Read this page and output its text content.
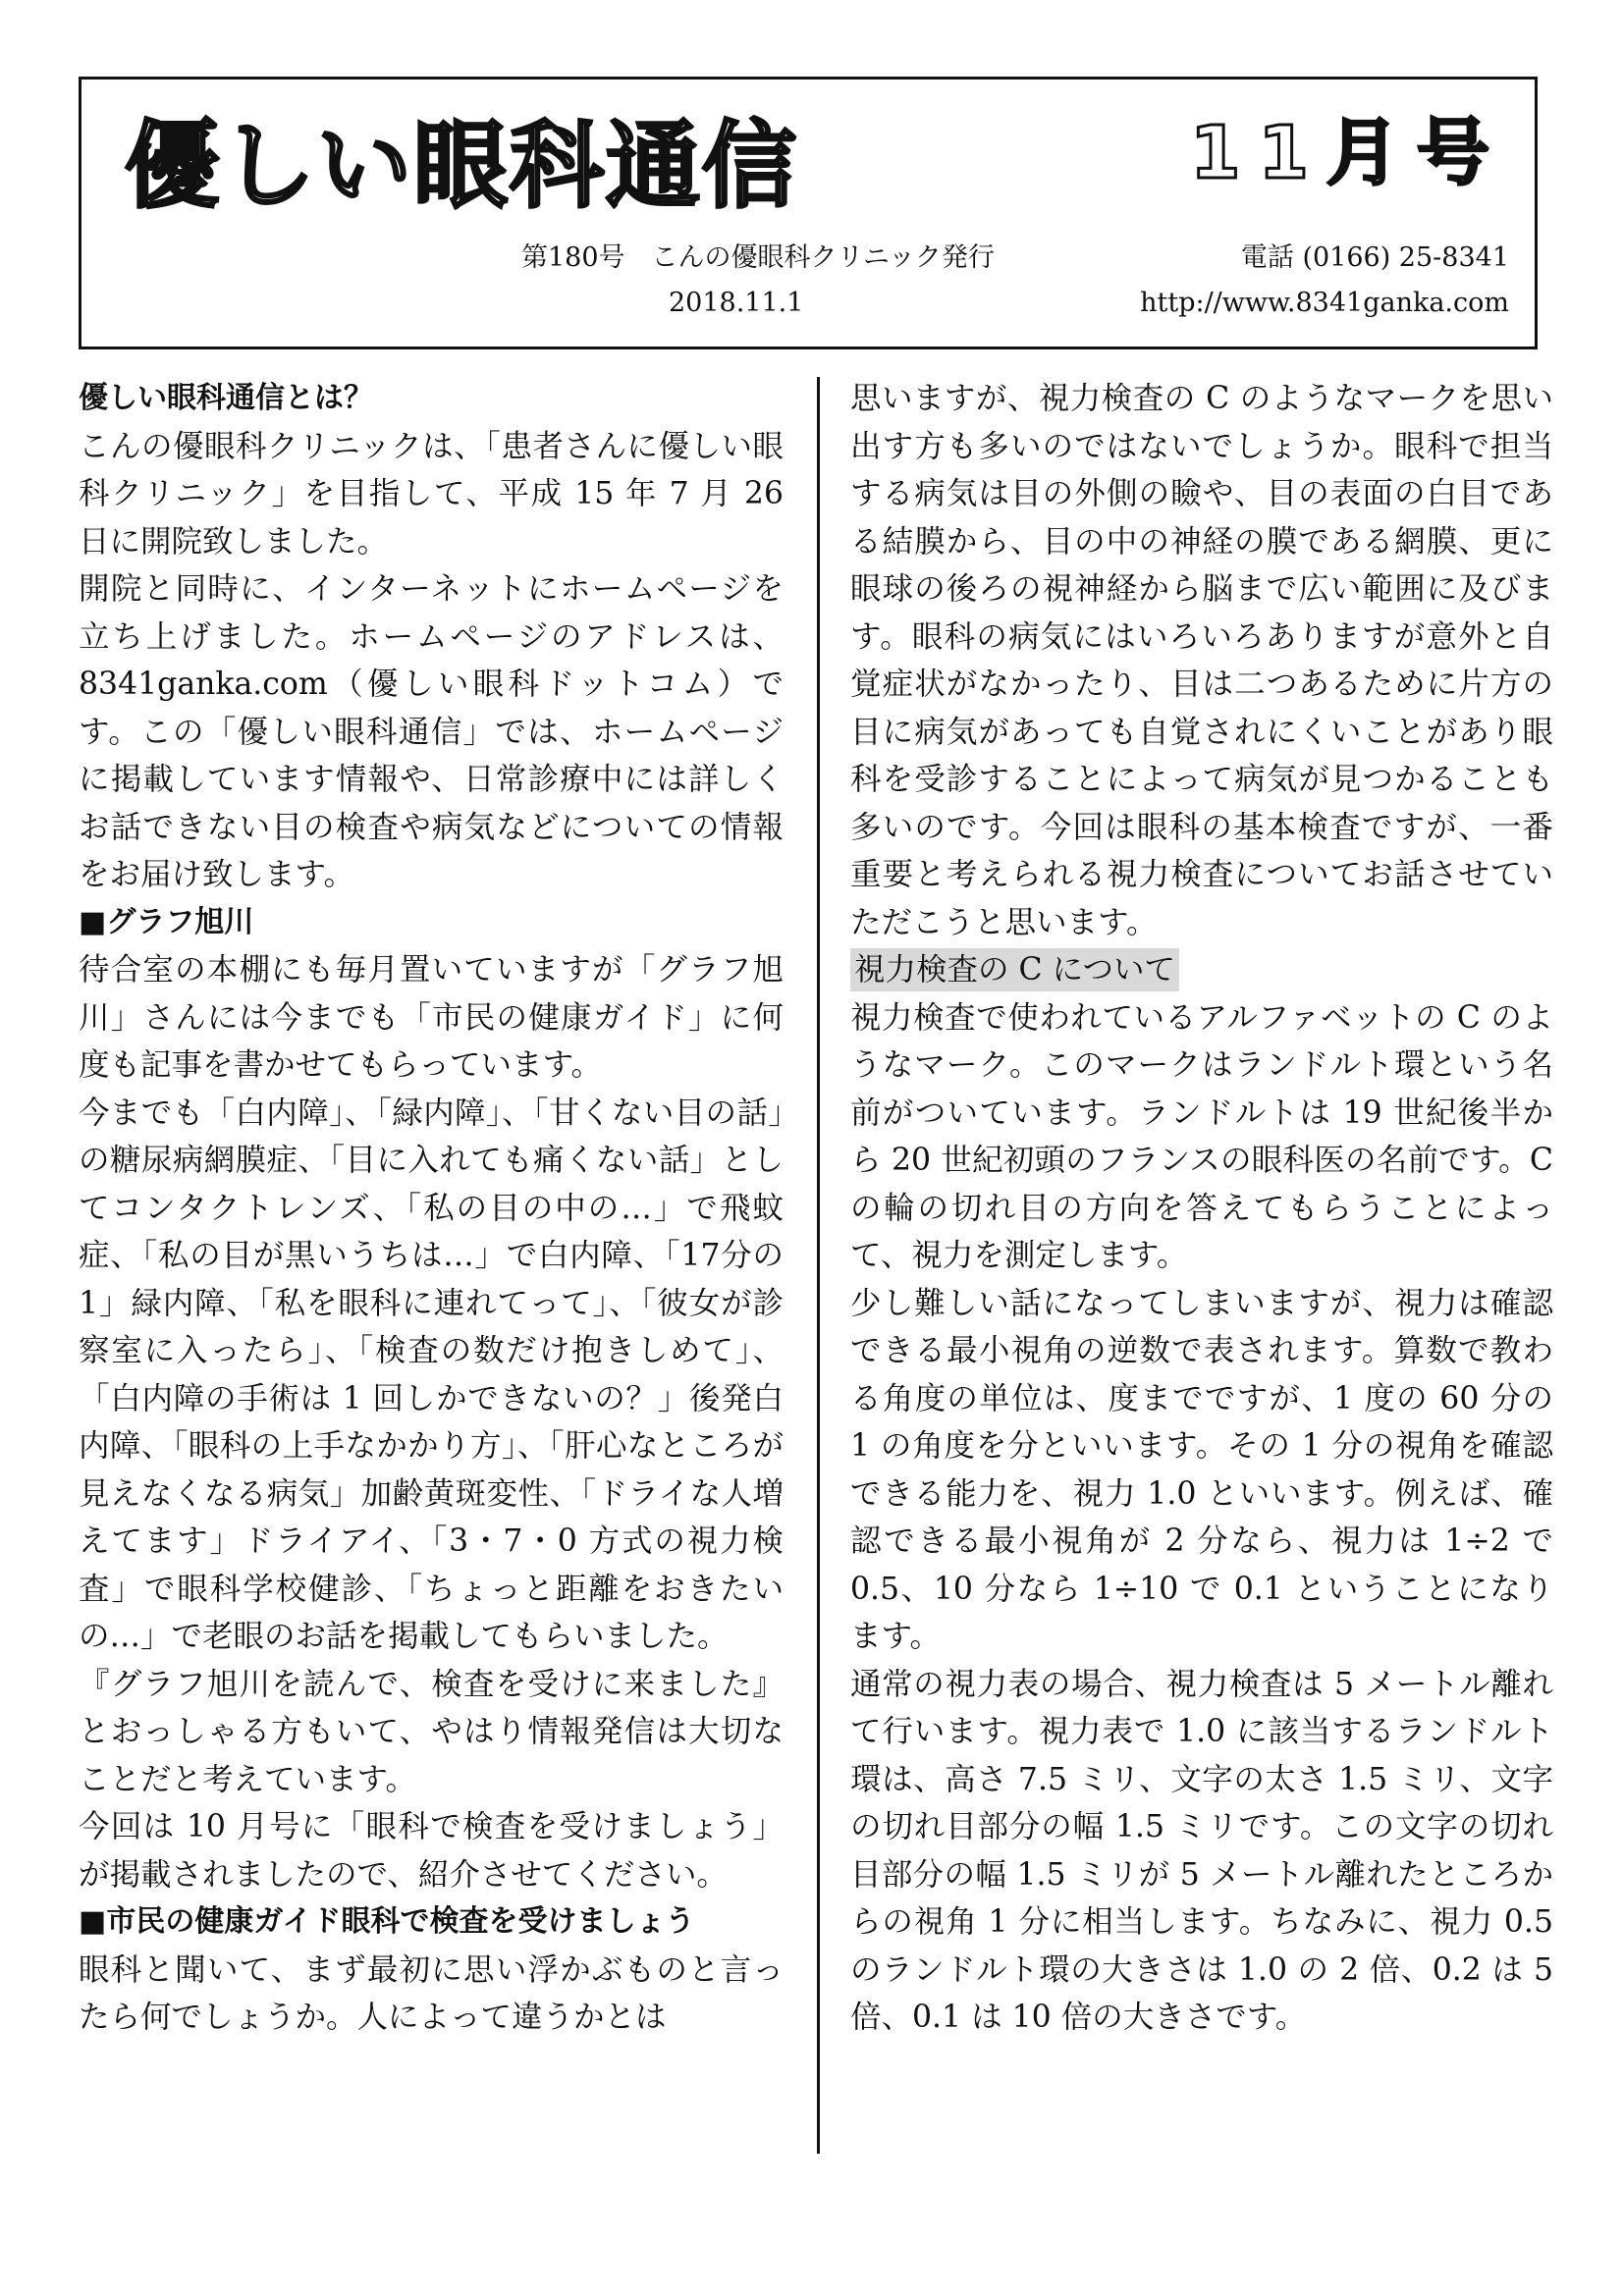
優しい眼科通信	11月号
第180号　こんの優眼科クリニック発行	電話 (0166) 25-8341
2018.11.1	http://www.8341ganka.com

優しい眼科通信とは？

こんの優眼科クリニックは、「患者さんに優しい眼科クリニック」を目指して、平成 15 年 7 月 26 日に開院致しました。

開院と同時に、インターネットにホームページを立ち上げました。ホームページのアドレスは、8341ganka.com（優しい眼科ドットコム）です。この「優しい眼科通信」では、ホームページに掲載しています情報や、日常診療中には詳しくお話できない目の検査や病気などについての情報をお届け致します。

■グラフ旭川

待合室の本棚にも毎月置いていますが「グラフ旭川」さんには今までも「市民の健康ガイド」に何度も記事を書かせてもらっています。

今までも「白内障」、「緑内障」、「甘くない目の話」の糖尿病網膜症、「目に入れても痛くない話」としてコンタクトレンズ、「私の目の中の…」で飛蚊症、「私の目が黒いうちは…」で白内障、「17分の 1」緑内障、「私を眼科に連れてって」、「彼女が診察室に入ったら」、「検査の数だけ抱きしめて」、「白内障の手術は 1 回しかできないの？」後発白内障、「眼科の上手なかかり方」、「肝心なところが見えなくなる病気」加齢黄斑変性、「ドライな人増えてます」ドライアイ、「3・7・0 方式の視力検査」で眼科学校健診、「ちょっと距離をおきたいの…」で老眼のお話を掲載してもらいました。

『グラフ旭川を読んで、検査を受けに来ました』とおっしゃる方もいて、やはり情報発信は大切なことだと考えています。

今回は 10 月号に「眼科で検査を受けましょう」が掲載されましたので、紹介させてください。

■市民の健康ガイド眼科で検査を受けましょう

眼科と聞いて、まず最初に思い浮かぶものと言ったら何でしょうか。人によって違うかとは

思いますが、視力検査の C のようなマークを思い出す方も多いのではないでしょうか。眼科で担当する病気は目の外側の瞼や、目の表面の白目である結膜から、目の中の神経の膜である網膜、更に眼球の後ろの視神経から脳まで広い範囲に及びます。眼科の病気にはいろいろありますが意外と自覚症状がなかったり、目は二つあるために片方の目に病気があっても自覚されにくいことがあり眼科を受診することによって病気が見つかることも多いのです。今回は眼科の基本検査ですが、一番重要と考えられる視力検査についてお話させていただこうと思います。

視力検査の C について

視力検査で使われているアルファベットの C のようなマーク。このマークはランドルト環という名前がついています。ランドルトは 19 世紀後半から 20 世紀初頭のフランスの眼科医の名前です。C の輪の切れ目の方向を答えてもらうことによって、視力を測定します。

少し難しい話になってしまいますが、視力は確認できる最小視角の逆数で表されます。算数で教わる角度の単位は、度までですが、1 度の 60 分の 1 の角度を分といいます。その 1 分の視角を確認できる能力を、視力 1.0 といいます。例えば、確認できる最小視角が 2 分なら、視力は 1÷2 で 0.5、10 分なら 1÷10 で 0.1 ということになります。

通常の視力表の場合、視力検査は 5 メートル離れて行います。視力表で 1.0 に該当するランドルト環は、高さ 7.5 ミリ、文字の太さ 1.5 ミリ、文字の切れ目部分の幅 1.5 ミリです。この文字の切れ目部分の幅 1.5 ミリが 5 メートル離れたところからの視角 1 分に相当します。ちなみに、視力 0.5 のランドルト環の大きさは 1.0 の 2 倍、0.2 は 5 倍、0.1 は 10 倍の大きさです。
